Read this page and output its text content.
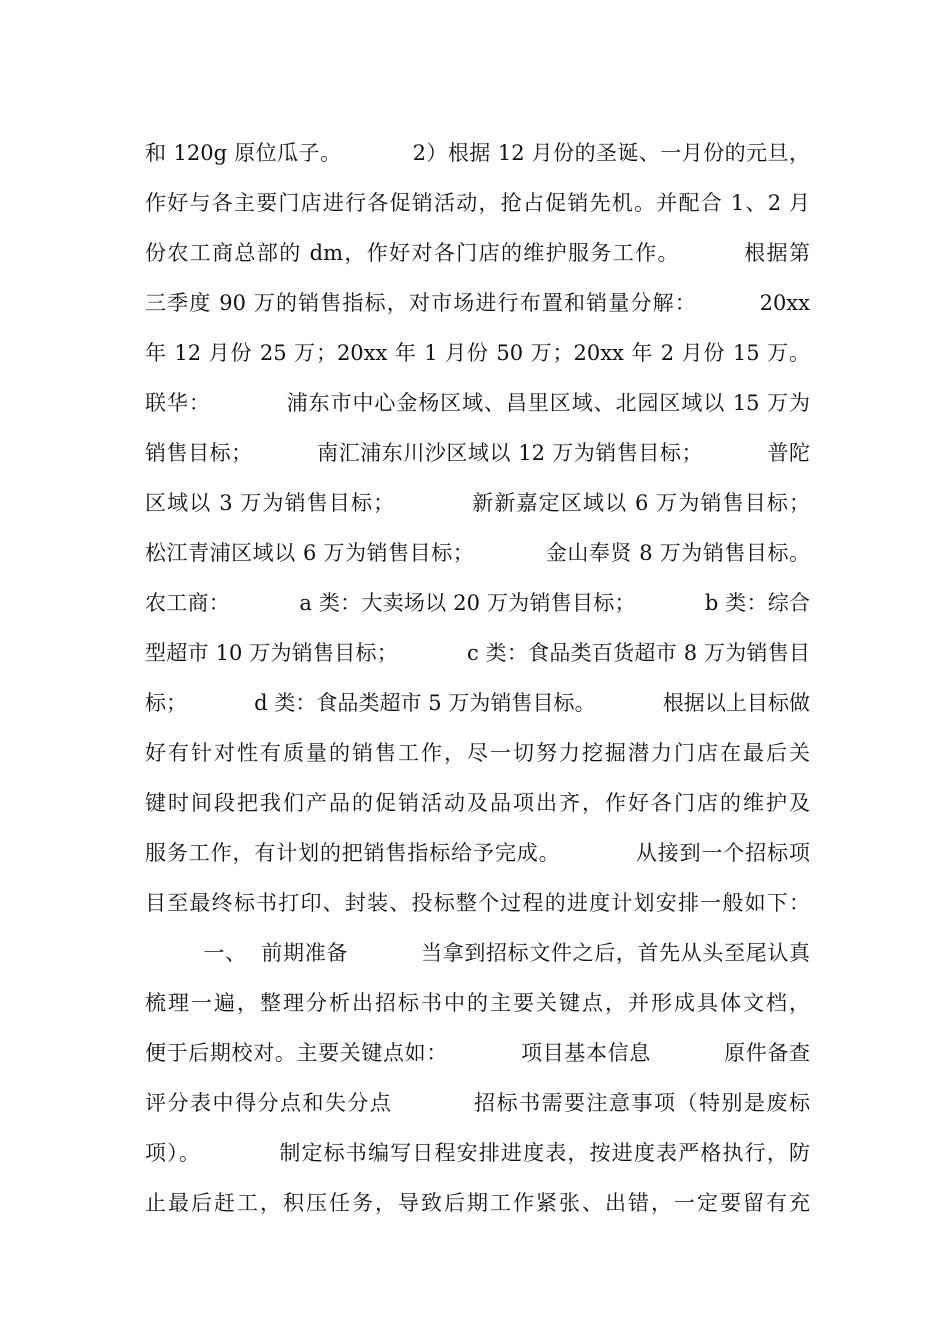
和 120g 原位瓜子。          2）根据 12 月份的圣诞、一月份的元旦，
作好与各主要门店进行各促销活动，抢占促销先机。并配合 1、2 月
份农工商总部的 dm，作好对各门店的维护服务工作。        根据第
三季度 90 万的销售指标，对市场进行布置和销量分解：        20xx
年 12 月份 25 万；20xx 年 1 月份 50 万；20xx 年 2 月份 15 万。
联华：          浦东市中心金杨区域、昌里区域、北园区域以 15 万为
销售目标；         南汇浦东川沙区域以 12 万为销售目标；         普陀
区域以 3 万为销售目标；          新新嘉定区域以 6 万为销售目标；
松江青浦区域以 6 万为销售目标；          金山奉贤 8 万为销售目标。
农工商：          a 类：大卖场以 20 万为销售目标；          b 类：综合
型超市 10 万为销售目标；          c 类：食品类百货超市 8 万为销售目
标；          d 类：食品类超市 5 万为销售目标。          根据以上目标做
好有针对性有质量的销售工作，尽一切努力挖掘潜力门店在最后关
键时间段把我们产品的促销活动及品项出齐，作好各门店的维护及
服务工作，有计划的把销售指标给予完成。          从接到一个招标项
目至最终标书打印、封装、投标整个过程的进度计划安排一般如下：
一、  前期准备          当拿到招标文件之后，首先从头至尾认真
梳理一遍，整理分析出招标书中的主要关键点，并形成具体文档，
便于后期校对。主要关键点如：          项目基本信息          原件备查
评分表中得分点和失分点          招标书需要注意事项（特别是废标
项）。          制定标书编写日程安排进度表，按进度表严格执行，防
止最后赶工，积压任务，导致后期工作紧张、出错，一定要留有充
